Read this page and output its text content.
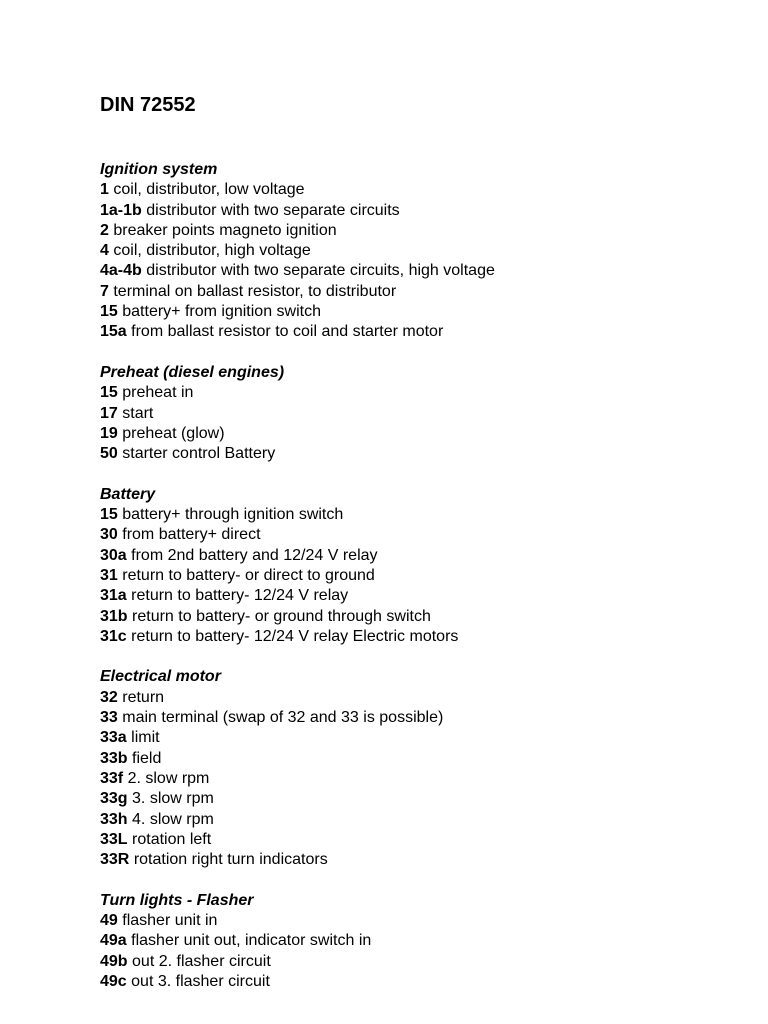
DIN 72552
Ignition system
1 coil, distributor, low voltage
1a-1b distributor with two separate circuits
2 breaker points magneto ignition
4 coil, distributor, high voltage
4a-4b distributor with two separate circuits, high voltage
7 terminal on ballast resistor, to distributor
15 battery+ from ignition switch
15a from ballast resistor to coil and starter motor
Preheat (diesel engines)
15 preheat in
17 start
19 preheat (glow)
50 starter control Battery
Battery
15 battery+ through ignition switch
30 from battery+ direct
30a from 2nd battery and 12/24 V relay
31 return to battery- or direct to ground
31a return to battery- 12/24 V relay
31b return to battery- or ground through switch
31c return to battery- 12/24 V relay Electric motors
Electrical motor
32 return
33 main terminal (swap of 32 and 33 is possible)
33a limit
33b field
33f 2. slow rpm
33g 3. slow rpm
33h 4. slow rpm
33L rotation left
33R rotation right turn indicators
Turn lights - Flasher
49 flasher unit in
49a flasher unit out, indicator switch in
49b out 2. flasher circuit
49c out 3. flasher circuit
